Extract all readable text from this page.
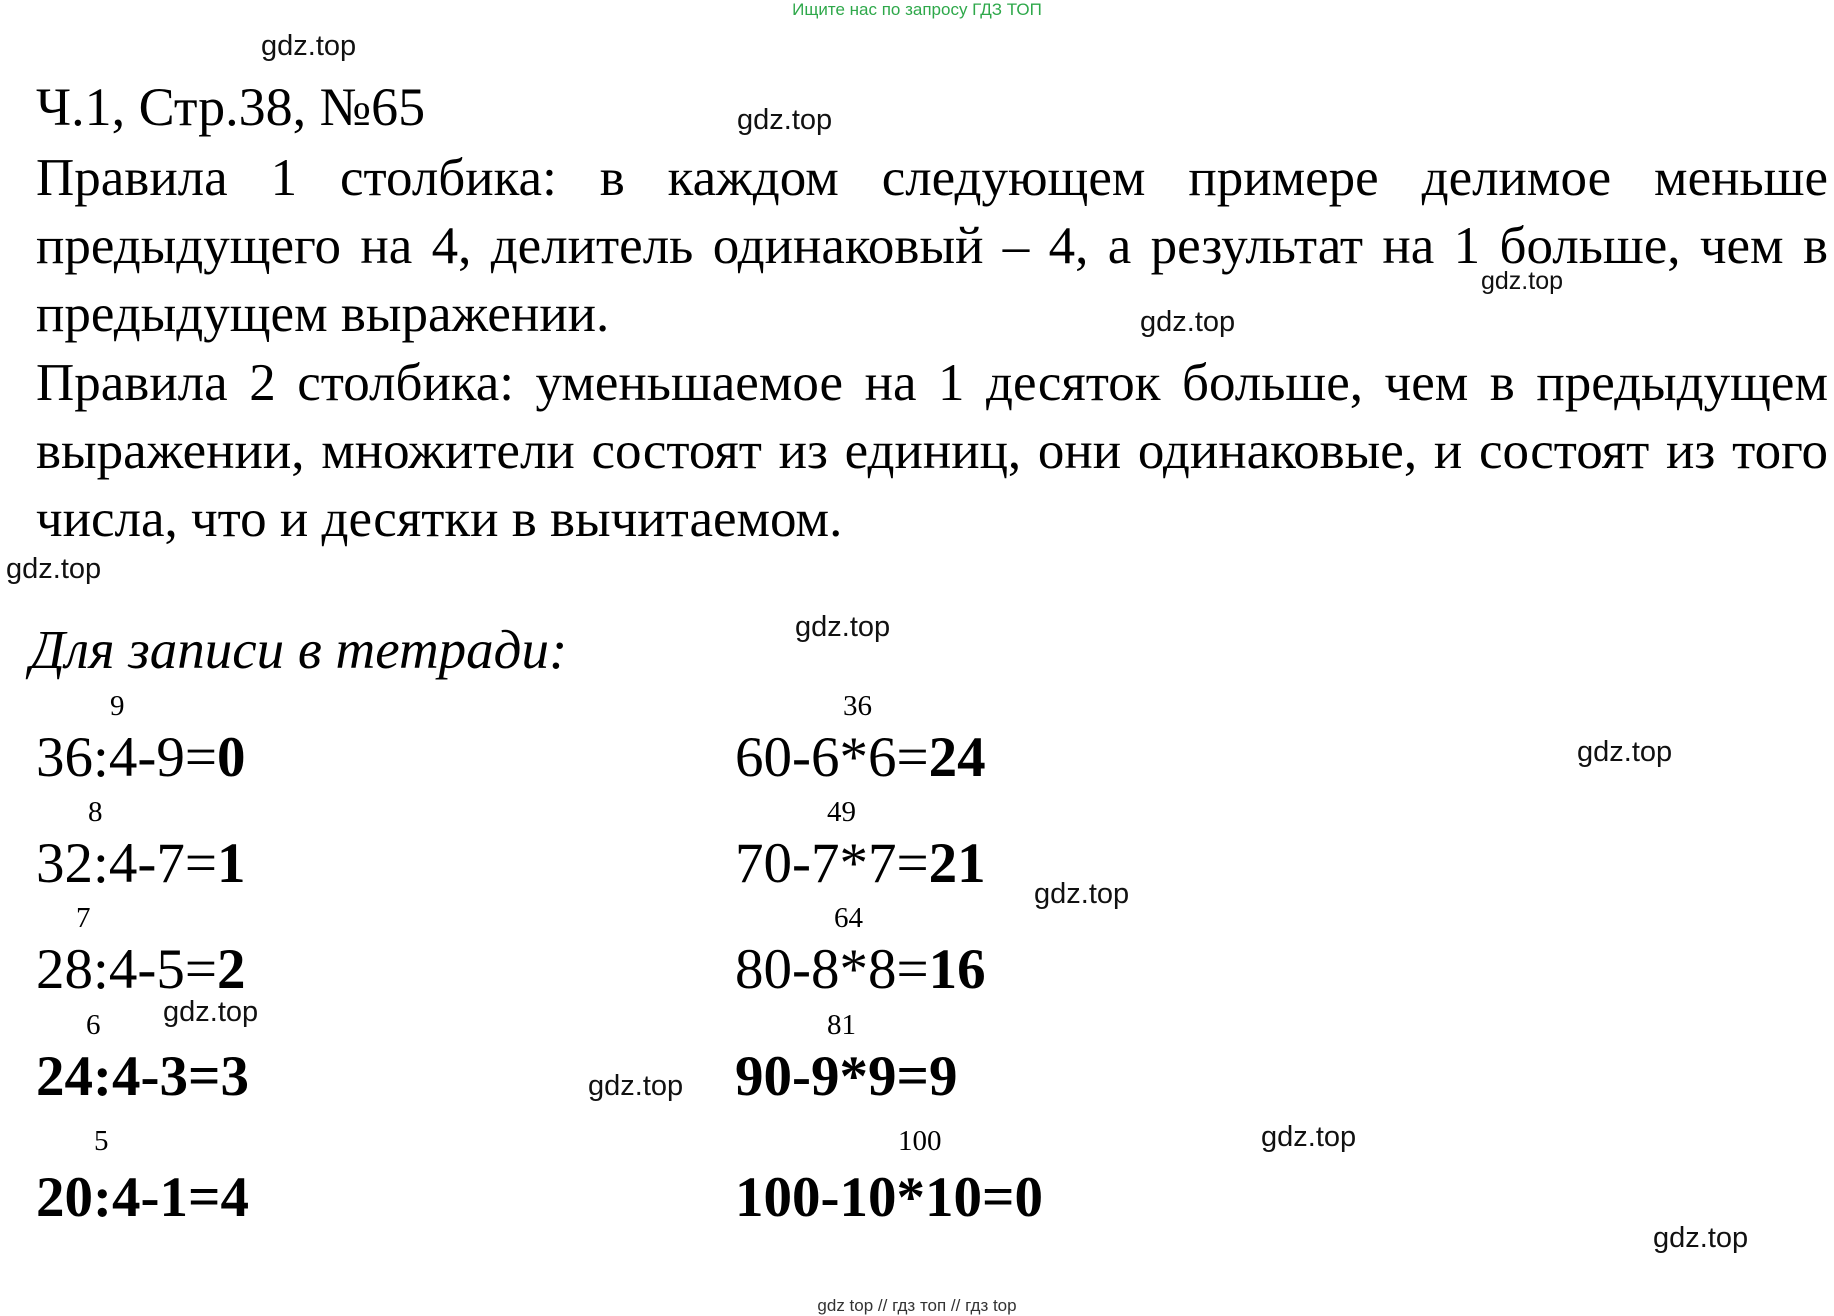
Ищите нас по запросу ГДЗ ТОП
Ч.1, Стр.38, №65
Правила 1 столбика: в каждом следующем примере делимое меньше предыдущего на 4, делитель одинаковый – 4, а результат на 1 больше, чем в предыдущем выражении.
Правила 2 столбика: уменьшаемое на 1 десяток больше, чем в предыдущем выражении, множители состоят из единиц, они одинаковые, и состоят из того числа, что и десятки в вычитаемом.
Для записи в тетради:
9
36:4-9=0
8
32:4-7=1
7
28:4-5=2
6
24:4-3=3
5
20:4-1=4
36
60-6*6=24
49
70-7*7=21
64
80-8*8=16
81
90-9*9=9
100
100-10*10=0
gdz.top
gdz.top
gdz.top
gdz.top
gdz.top
gdz.top
gdz.top
gdz.top
gdz.top
gdz.top
gdz.top
gdz.top
gdz top // гдз топ // гдз top
